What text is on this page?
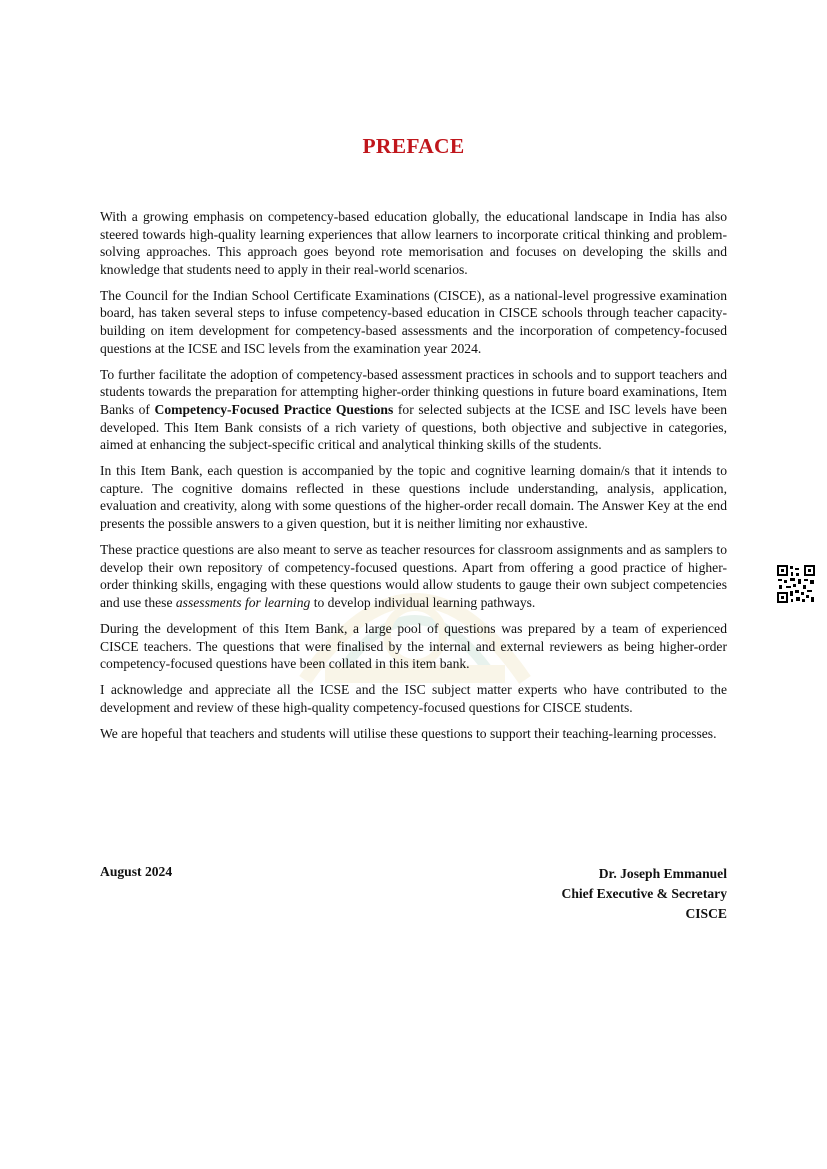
PREFACE

With a growing emphasis on competency-based education globally, the educational landscape in India has also steered towards high-quality learning experiences that allow learners to incorporate critical thinking and problem-solving approaches. This approach goes beyond rote memorisation and focuses on developing the skills and knowledge that students need to apply in their real-world scenarios.

The Council for the Indian School Certificate Examinations (CISCE), as a national-level progressive examination board, has taken several steps to infuse competency-based education in CISCE schools through teacher capacity-building on item development for competency-based assessments and the incorporation of competency-focused questions at the ICSE and ISC levels from the examination year 2024.

To further facilitate the adoption of competency-based assessment practices in schools and to support teachers and students towards the preparation for attempting higher-order thinking questions in future board examinations, Item Banks of Competency-Focused Practice Questions for selected subjects at the ICSE and ISC levels have been developed. This Item Bank consists of a rich variety of questions, both objective and subjective in categories, aimed at enhancing the subject-specific critical and analytical thinking skills of the students.

In this Item Bank, each question is accompanied by the topic and cognitive learning domain/s that it intends to capture. The cognitive domains reflected in these questions include understanding, analysis, application, evaluation and creativity, along with some questions of the higher-order recall domain. The Answer Key at the end presents the possible answers to a given question, but it is neither limiting nor exhaustive.

These practice questions are also meant to serve as teacher resources for classroom assignments and as samplers to develop their own repository of competency-focused questions. Apart from offering a good practice of higher-order thinking skills, engaging with these questions would allow students to gauge their own subject competencies and use these assessments for learning to develop individual learning pathways.

During the development of this Item Bank, a large pool of questions was prepared by a team of experienced CISCE teachers. The questions that were finalised by the internal and external reviewers as being higher-order competency-focused questions have been collated in this item bank.

I acknowledge and appreciate all the ICSE and the ISC subject matter experts who have contributed to the development and review of these high-quality competency-focused questions for CISCE students.

We are hopeful that teachers and students will utilise these questions to support their teaching-learning processes.

August 2024	Dr. Joseph Emmanuel
Chief Executive & Secretary
CISCE
